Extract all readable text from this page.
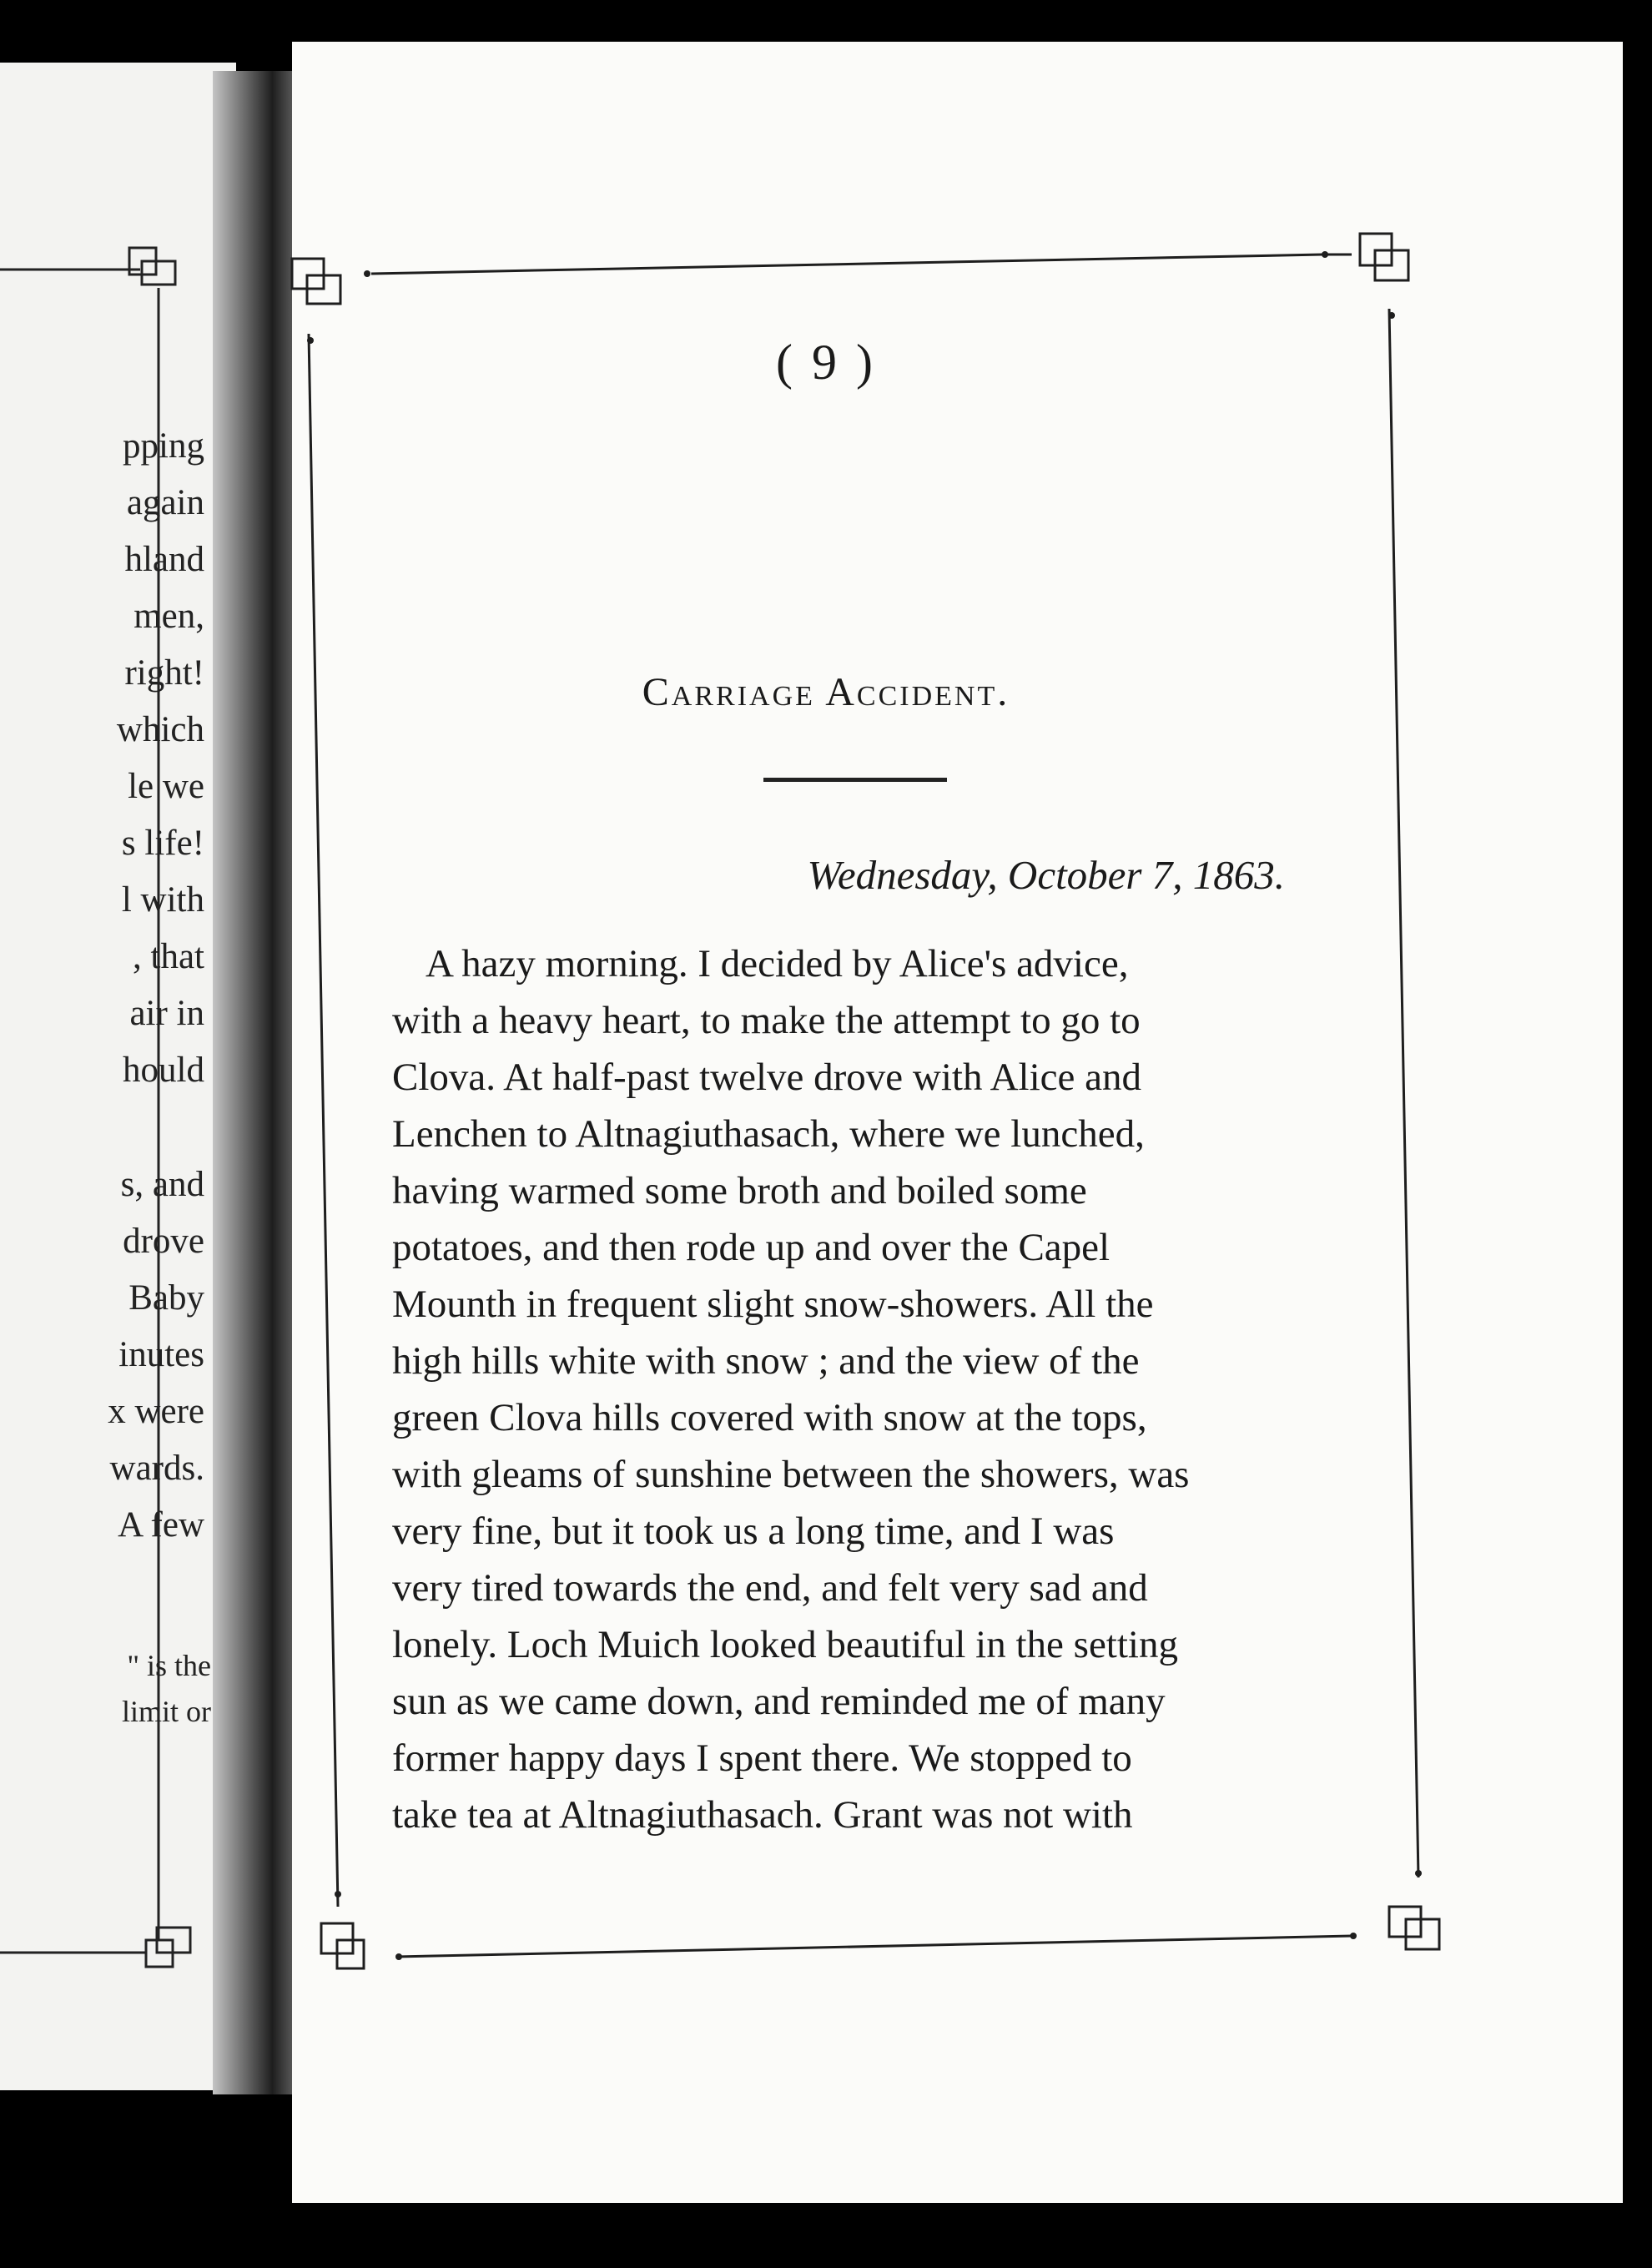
pping
again
hland
men,
right!
which
le we
s life!
l with
, that
air in
hould
s, and
drove
Baby
inutes
x were
wards.
A few
" is the
limit or
( 9 )
Carriage Accident.
Wednesday, October 7, 1863.
A hazy morning. I decided by Alice's advice,
with a heavy heart, to make the attempt to go to
Clova. At half-past twelve drove with Alice and
Lenchen to Altnagiuthasach, where we lunched,
having warmed some broth and boiled some
potatoes, and then rode up and over the Capel
Mounth in frequent slight snow-showers. All the
high hills white with snow ; and the view of the
green Clova hills covered with snow at the tops,
with gleams of sunshine between the showers, was
very fine, but it took us a long time, and I was
very tired towards the end, and felt very sad and
lonely. Loch Muich looked beautiful in the setting
sun as we came down, and reminded me of many
former happy days I spent there. We stopped to
take tea at Altnagiuthasach. Grant was not with
